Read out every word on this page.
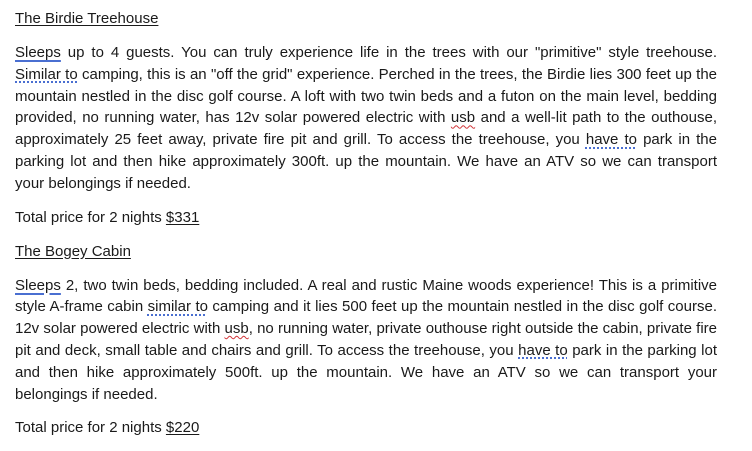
The Birdie Treehouse

Sleeps up to 4 guests. You can truly experience life in the trees with our "primitive" style treehouse. Similar to camping, this is an "off the grid" experience. Perched in the trees, the Birdie lies 300 feet up the mountain nestled in the disc golf course. A loft with two twin beds and a futon on the main level, bedding provided, no running water, has 12v solar powered electric with usb and a well-lit path to the outhouse, approximately 25 feet away, private fire pit and grill. To access the treehouse, you have to park in the parking lot and then hike approximately 300ft. up the mountain. We have an ATV so we can transport your belongings if needed.

Total price for 2 nights $331

The Bogey Cabin

Sleeps 2, two twin beds, bedding included. A real and rustic Maine woods experience! This is a primitive style A-frame cabin similar to camping and it lies 500 feet up the mountain nestled in the disc golf course. 12v solar powered electric with usb, no running water, private outhouse right outside the cabin, private fire pit and deck, small table and chairs and grill. To access the treehouse, you have to park in the parking lot and then hike approximately 500ft. up the mountain. We have an ATV so we can transport your belongings if needed.

Total price for 2 nights $220
